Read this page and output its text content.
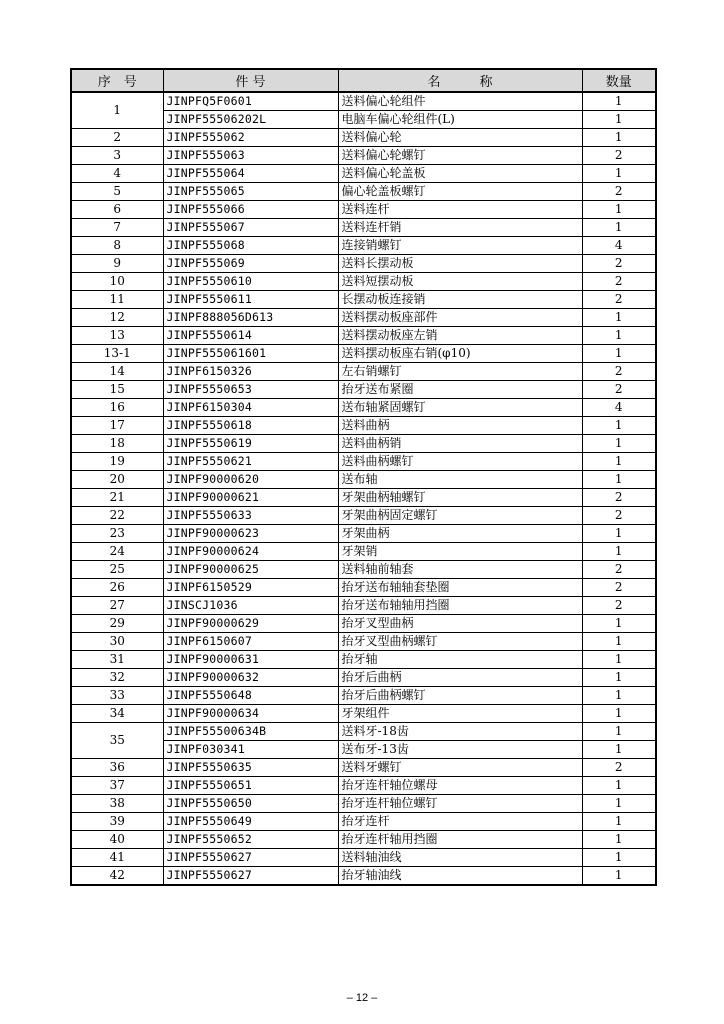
序　号	件 号	名　　　称	数量
1	JINPFQ5F0601	送料偏心轮组件	1
	JINPF55506202L	电脑车偏心轮组件(L)	1
2	JINPF555062	送料偏心轮	1
3	JINPF555063	送料偏心轮螺钉	2
4	JINPF555064	送料偏心轮盖板	1
5	JINPF555065	偏心轮盖板螺钉	2
6	JINPF555066	送料连杆	1
7	JINPF555067	送料连杆销	1
8	JINPF555068	连接销螺钉	4
9	JINPF555069	送料长摆动板	2
10	JINPF5550610	送料短摆动板	2
11	JINPF5550611	长摆动板连接销	2
12	JINPF888056D613	送料摆动板座部件	1
13	JINPF5550614	送料摆动板座左销	1
13-1	JINPF555061601	送料摆动板座右销(φ10)	1
14	JINPF6150326	左右销螺钉	2
15	JINPF5550653	抬牙送布紧圈	2
16	JINPF6150304	送布轴紧固螺钉	4
17	JINPF5550618	送料曲柄	1
18	JINPF5550619	送料曲柄销	1
19	JINPF5550621	送料曲柄螺钉	1
20	JINPF90000620	送布轴	1
21	JINPF90000621	牙架曲柄轴螺钉	2
22	JINPF5550633	牙架曲柄固定螺钉	2
23	JINPF90000623	牙架曲柄	1
24	JINPF90000624	牙架销	1
25	JINPF90000625	送料轴前轴套	2
26	JINPF6150529	抬牙送布轴轴套垫圈	2
27	JINSCJ1036	抬牙送布轴轴用挡圈	2
29	JINPF90000629	抬牙叉型曲柄	1
30	JINPF6150607	抬牙叉型曲柄螺钉	1
31	JINPF90000631	抬牙轴	1
32	JINPF90000632	抬牙后曲柄	1
33	JINPF5550648	抬牙后曲柄螺钉	1
34	JINPF90000634	牙架组件	1
35	JINPF55500634B	送料牙-18齿	1
	JINPF030341	送布牙-13齿	1
36	JINPF5550635	送料牙螺钉	2
37	JINPF5550651	抬牙连杆轴位螺母	1
38	JINPF5550650	抬牙连杆轴位螺钉	1
39	JINPF5550649	抬牙连杆	1
40	JINPF5550652	抬牙连杆轴用挡圈	1
41	JINPF5550627	送料轴油线	1
42	JINPF5550627	抬牙轴油线	1
– 12 –
